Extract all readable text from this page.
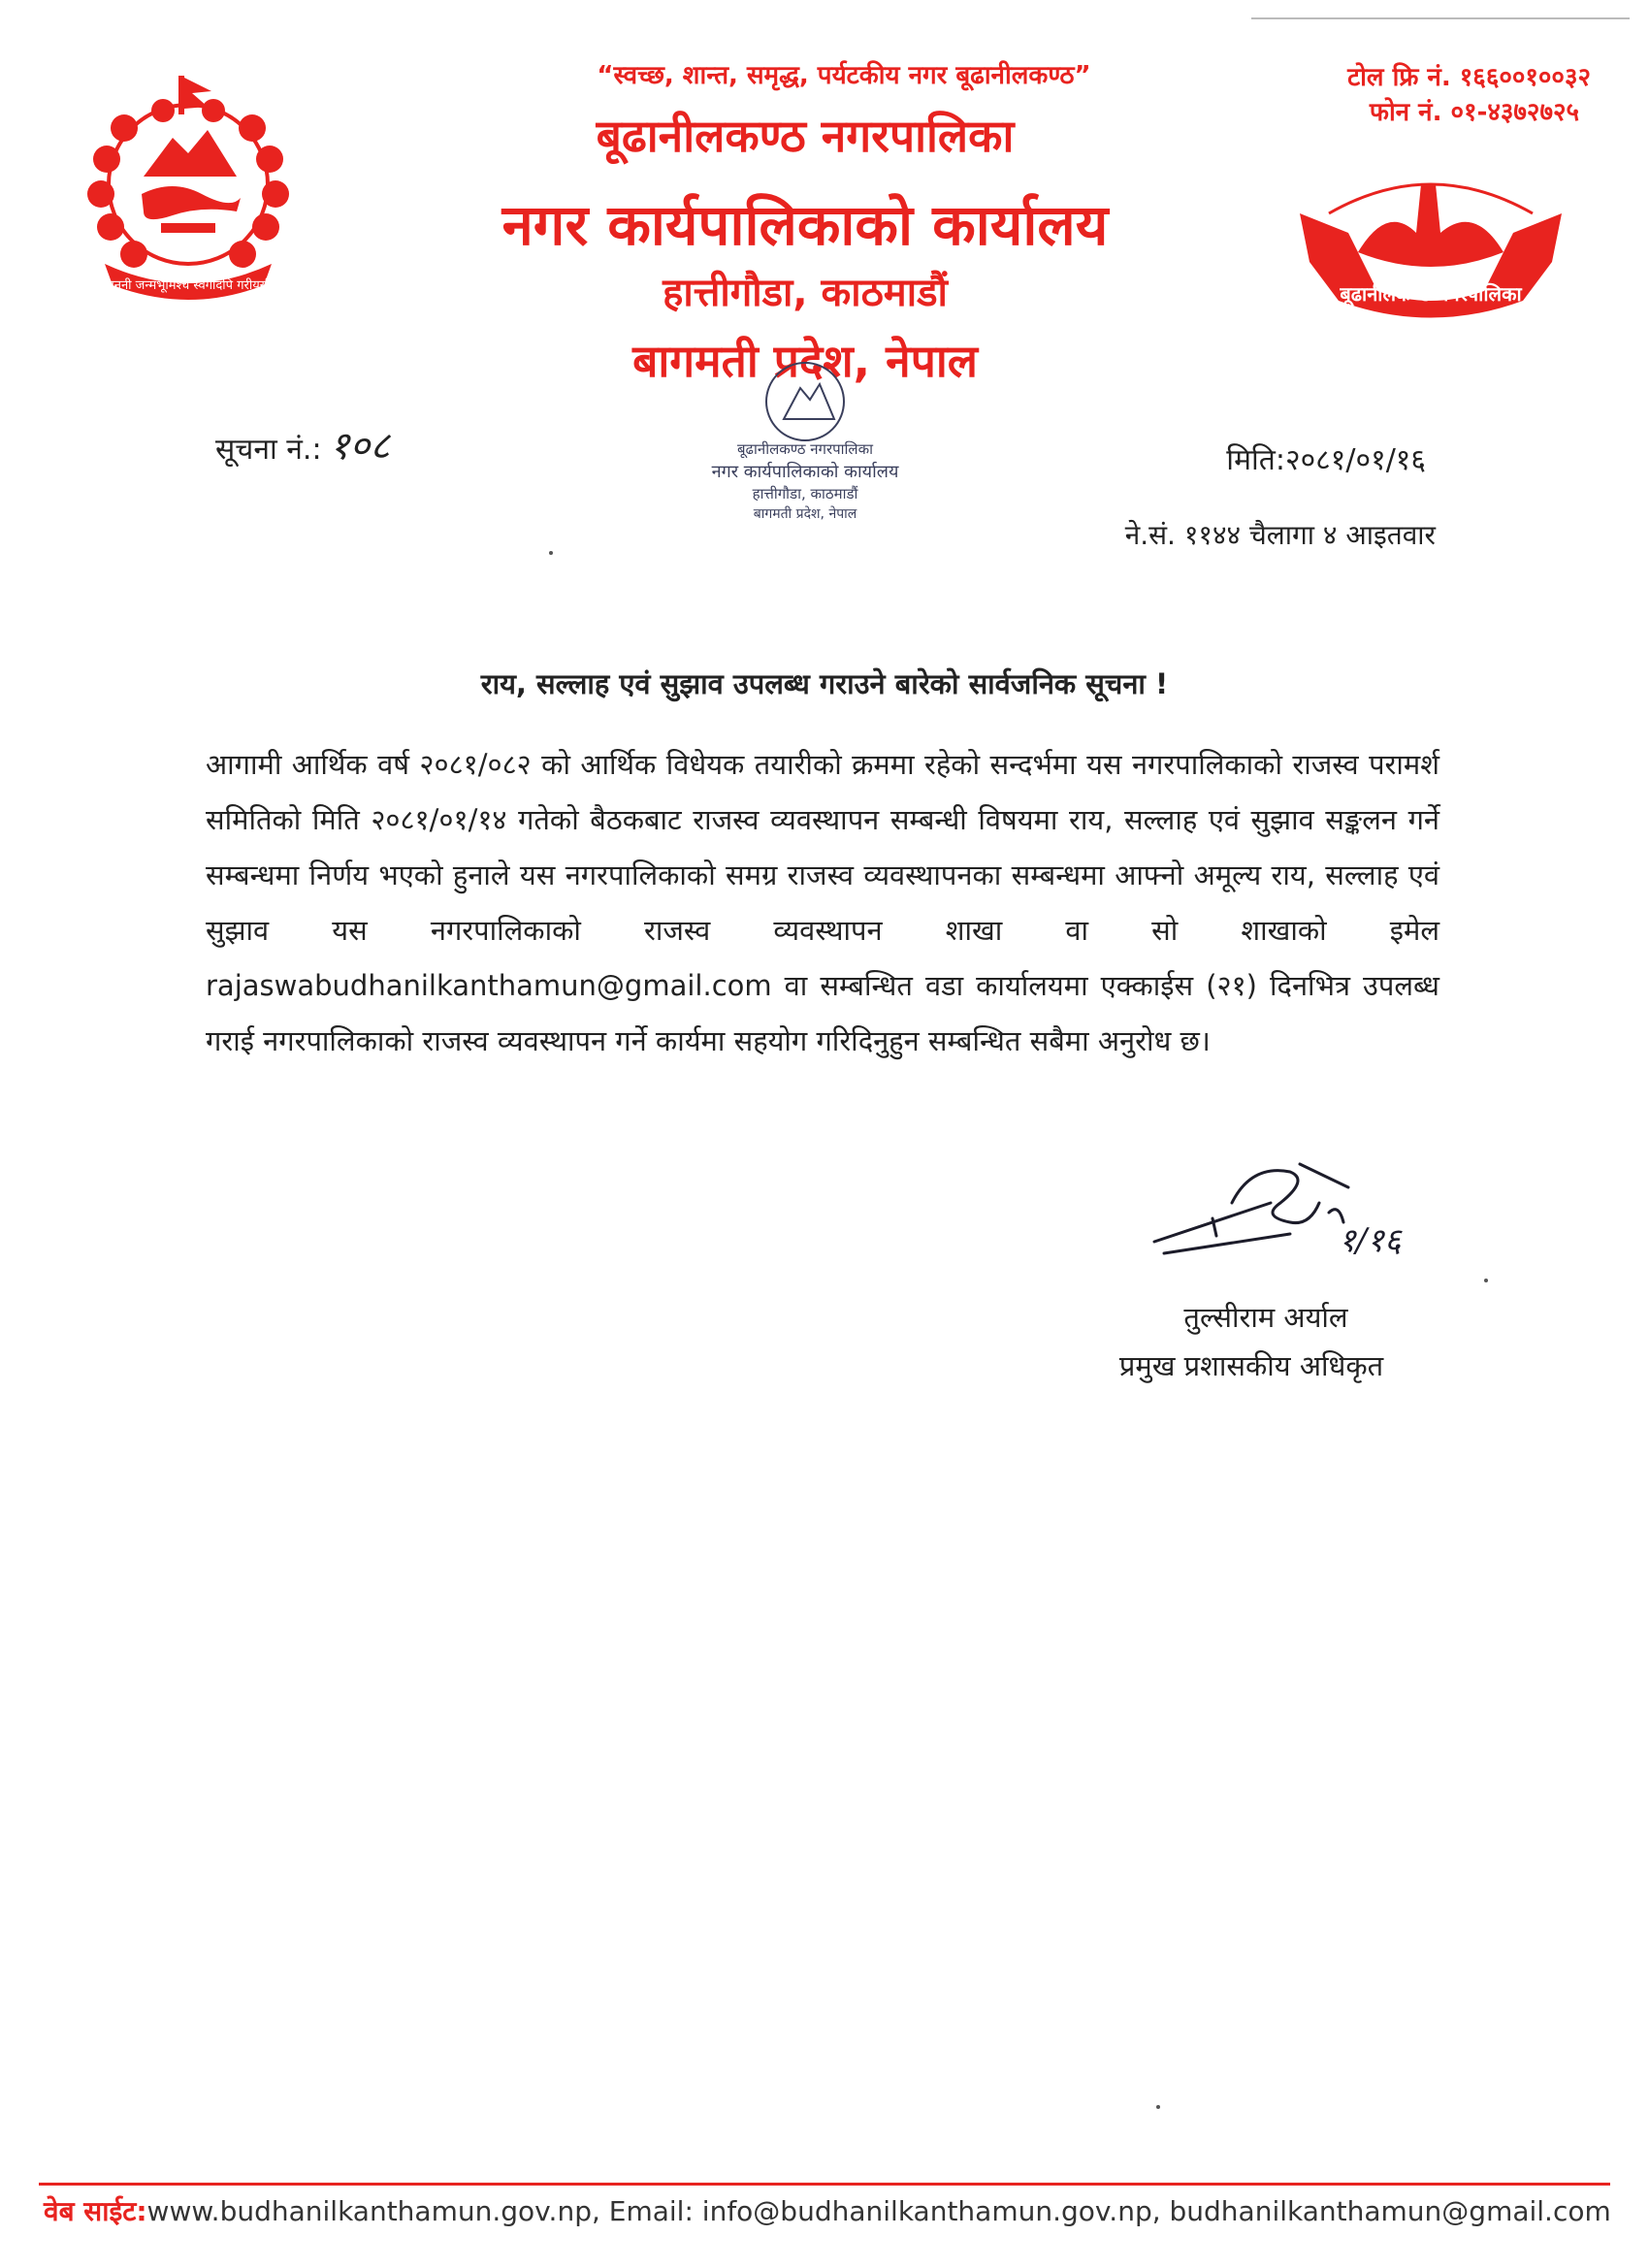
जननी जन्मभूमिश्च स्वर्गादपि गरीयसी
“स्वच्छ, शान्त, समृद्ध, पर्यटकीय नगर बूढानीलकण्ठ”
बूढानीलकण्ठ नगरपालिका
नगर कार्यपालिकाको कार्यालय
हात्तीगौडा, काठमाडौं
बागमती प्रदेश, नेपाल
टोल फ्रि नं. १६६००१००३२
फोन नं. ०१-४३७२७२५
बूढानीलकण्ठ नगरपालिका
सूचना नं.: १०८	बूढानीलकण्ठ नगरपालिका
नगर कार्यपालिकाको कार्यालय
हात्तीगौडा, काठमाडौं
बागमती प्रदेश, नेपाल
मिति:२०८१/०१/१६
ने.सं. ११४४ चैलागा ४ आइतवार
राय, सल्लाह एवं सुझाव उपलब्ध गराउने बारेको सार्वजनिक सूचना !
आगामी आर्थिक वर्ष २०८१/०८२ को आर्थिक विधेयक तयारीको क्रममा रहेको सन्दर्भमा यस नगरपालिकाको राजस्व परामर्श समितिको मिति २०८१/०१/१४ गतेको बैठकबाट राजस्व व्यवस्थापन सम्बन्धी विषयमा राय, सल्लाह एवं सुझाव सङ्कलन गर्ने सम्बन्धमा निर्णय भएको हुनाले यस नगरपालिकाको समग्र राजस्व व्यवस्थापनका सम्बन्धमा आफ्नो अमूल्य राय, सल्लाह एवं सुझाव यस नगरपालिकाको राजस्व व्यवस्थापन शाखा वा सो शाखाको इमेल rajaswabudhanilkanthamun@gmail.com वा सम्बन्धित वडा कार्यालयमा एक्काईस (२१) दिनभित्र उपलब्ध गराई नगरपालिकाको राजस्व व्यवस्थापन गर्ने कार्यमा सहयोग गरिदिनुहुन सम्बन्धित सबैमा अनुरोध छ।
१/१६
तुल्सीराम अर्याल
प्रमुख प्रशासकीय अधिकृत
वेब साईट:www.budhanilkanthamun.gov.np, Email: info@budhanilkanthamun.gov.np, budhanilkanthamun@gmail.com
